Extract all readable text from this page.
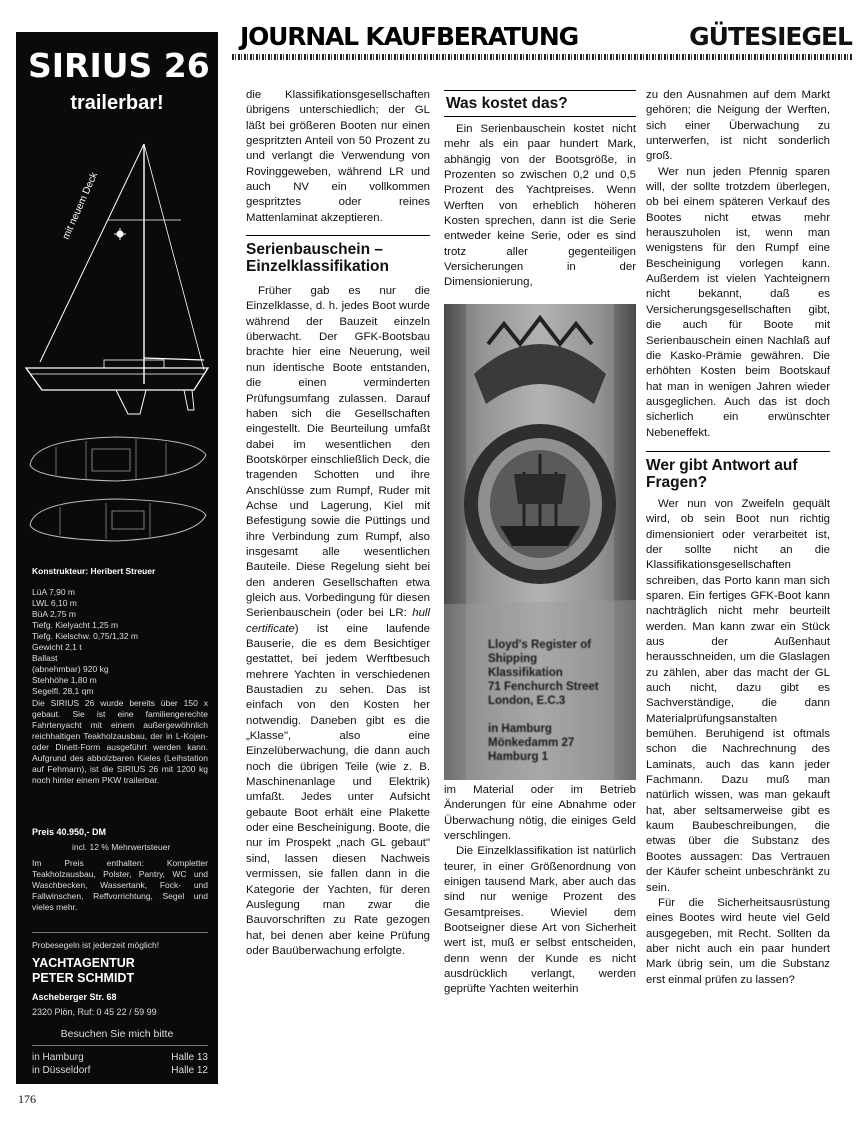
JOURNAL KAUFBERATUNG	GÜTESIEGEL
SIRIUS 26
trailerbar!
mit neuem Deck
Konstrukteur: Heribert Streuer
LüA 7,90 m
LWL 6,10 m
BüA 2,75 m
Tiefg. Kielyacht 1,25 m
Tiefg. Kielschw. 0,75/1,32 m
Gewicht 2,1 t
Ballast
(abnehmbar) 920 kg
Stehhöhe 1,80 m
Segelfl. 28,1 qm
Die SIRIUS 26 wurde bereits über 150 x gebaut. Sie ist eine familiengerechte Fahrtenyacht mit einem außergewöhnlich reichhaltigen Teakholzausbau, der in L-Kojen- oder Dinett-Form ausgeführt werden kann. Aufgrund des abbolzbaren Kieles (Leihstation auf Fehmarn), ist die SIRIUS 26 mit 1200 kg noch hinter einem PKW trailerbar.
Preis 40.950,- DM
incl. 12 % Mehrwertsteuer
Im Preis enthalten: Kompletter Teakholzausbau, Polster, Pantry, WC und Waschbecken, Wassertank, Fock- und Fallwinschen, Reffvorrichtung, Segel und vieles mehr.
Probesegeln ist jederzeit möglich!
YACHTAGENTUR
PETER SCHMIDT
Ascheberger Str. 68
2320 Plön, Ruf: 0 45 22 / 59 99
Besuchen Sie mich bitte
in Hamburg	Halle 13
in Düsseldorf	Halle 12
176

die Klassifikationsgesellschaften übrigens unterschiedlich; der GL läßt bei größeren Booten nur einen gespritzten Anteil von 50 Prozent zu und verlangt die Verwendung von Rovinggeweben, während LR und auch NV ein vollkommen gespritztes oder reines Mattenlaminat akzeptieren.

Serienbauschein – Einzelklassifikation

Früher gab es nur die Einzelklasse, d. h. jedes Boot wurde während der Bauzeit einzeln überwacht. Der GFK-Bootsbau brachte hier eine Neuerung, weil nun identische Boote entstanden, die einen verminderten Prüfungsumfang zulassen. Darauf haben sich die Gesellschaften eingestellt. Die Beurteilung umfaßt dabei im wesentlichen den Bootskörper einschließlich Deck, die tragenden Schotten und ihre Anschlüsse zum Rumpf, Ruder mit Achse und Lagerung, Kiel mit Befestigung sowie die Püttings und ihre Verbindung zum Rumpf, also insgesamt alle wesentlichen Bauteile. Diese Regelung sieht bei den anderen Gesellschaften etwa gleich aus. Vorbedingung für diesen Serienbauschein (oder bei LR: hull certificate) ist eine laufende Bauserie, die es dem Besichtiger gestattet, bei jedem Werftbesuch mehrere Yachten in verschiedenen Baustadien zu sehen. Das ist einfach von den Kosten her notwendig. Daneben gibt es die „Klasse", also eine Einzelüberwachung, die dann auch noch die übrigen Teile (wie z. B. Maschinenanlage und Elektrik) umfaßt. Jedes unter Aufsicht gebaute Boot erhält eine Plakette oder eine Bescheinigung. Boote, die nur im Prospekt „nach GL gebaut" sind, lassen diesen Nachweis vermissen, sie fallen dann in die Kategorie der Yachten, für deren Auslegung man zwar die Bauvorschriften zu Rate gezogen hat, bei denen aber keine Prüfung oder Bauüberwachung erfolgte.

Was kostet das?

Ein Serienbauschein kostet nicht mehr als ein paar hundert Mark, abhängig von der Bootsgröße, in Prozenten so zwischen 0,2 und 0,5 Prozent des Yachtpreises. Wenn Werften von erheblich höheren Kosten sprechen, dann ist die Serie entweder keine Serie, oder es sind trotz aller gegenteiligen Versicherungen in der Dimensionierung,

Lloyd's Register of
Shipping
Klassifikation
71 Fenchurch Street
London, E.C.3
in Hamburg
Mönkedamm 27
Hamburg 1

im Material oder im Betrieb Änderungen für eine Abnahme oder Überwachung nötig, die einiges Geld verschlingen.

Die Einzelklassifikation ist natürlich teurer, in einer Größenordnung von einigen tausend Mark, aber auch das sind nur wenige Prozent des Gesamtpreises. Wieviel dem Bootseigner diese Art von Sicherheit wert ist, muß er selbst entscheiden, denn wenn der Kunde es nicht ausdrücklich verlangt, werden geprüfte Yachten weiterhin

zu den Ausnahmen auf dem Markt gehören; die Neigung der Werften, sich einer Überwachung zu unterwerfen, ist nicht sonderlich groß.

Wer nun jeden Pfennig sparen will, der sollte trotzdem überlegen, ob bei einem späteren Verkauf des Bootes nicht etwas mehr herauszuholen ist, wenn man wenigstens für den Rumpf eine Bescheinigung vorlegen kann. Außerdem ist vielen Yachteignern nicht bekannt, daß es Versicherungsgesellschaften gibt, die auch für Boote mit Serienbauschein einen Nachlaß auf die Kasko-Prämie gewähren. Die erhöhten Kosten beim Bootskauf hat man in wenigen Jahren wieder ausgeglichen. Auch das ist doch sicherlich ein erwünschter Nebeneffekt.

Wer gibt Antwort auf Fragen?

Wer nun von Zweifeln gequält wird, ob sein Boot nun richtig dimensioniert oder verarbeitet ist, der sollte nicht an die Klassifikationsgesellschaften schreiben, das Porto kann man sich sparen. Ein fertiges GFK-Boot kann nachträglich nicht mehr beurteilt werden. Man kann zwar ein Stück aus der Außenhaut herausschneiden, um die Glaslagen zu zählen, aber das macht der GL auch nicht, dazu gibt es Sachverständige, die dann Materialprüfungsanstalten bemühen. Beruhigend ist oftmals schon die Nachrechnung des Laminats, auch das kann jeder Fachmann. Dazu muß man natürlich wissen, was man gekauft hat, aber seltsamerweise gibt es kaum Baubeschreibungen, die etwas über die Substanz des Bootes aussagen: Das Vertrauen der Käufer scheint unbeschränkt zu sein.

Für die Sicherheitsausrüstung eines Bootes wird heute viel Geld ausgegeben, mit Recht. Sollten da aber nicht auch ein paar hundert Mark übrig sein, um die Substanz erst einmal prüfen zu lassen?
